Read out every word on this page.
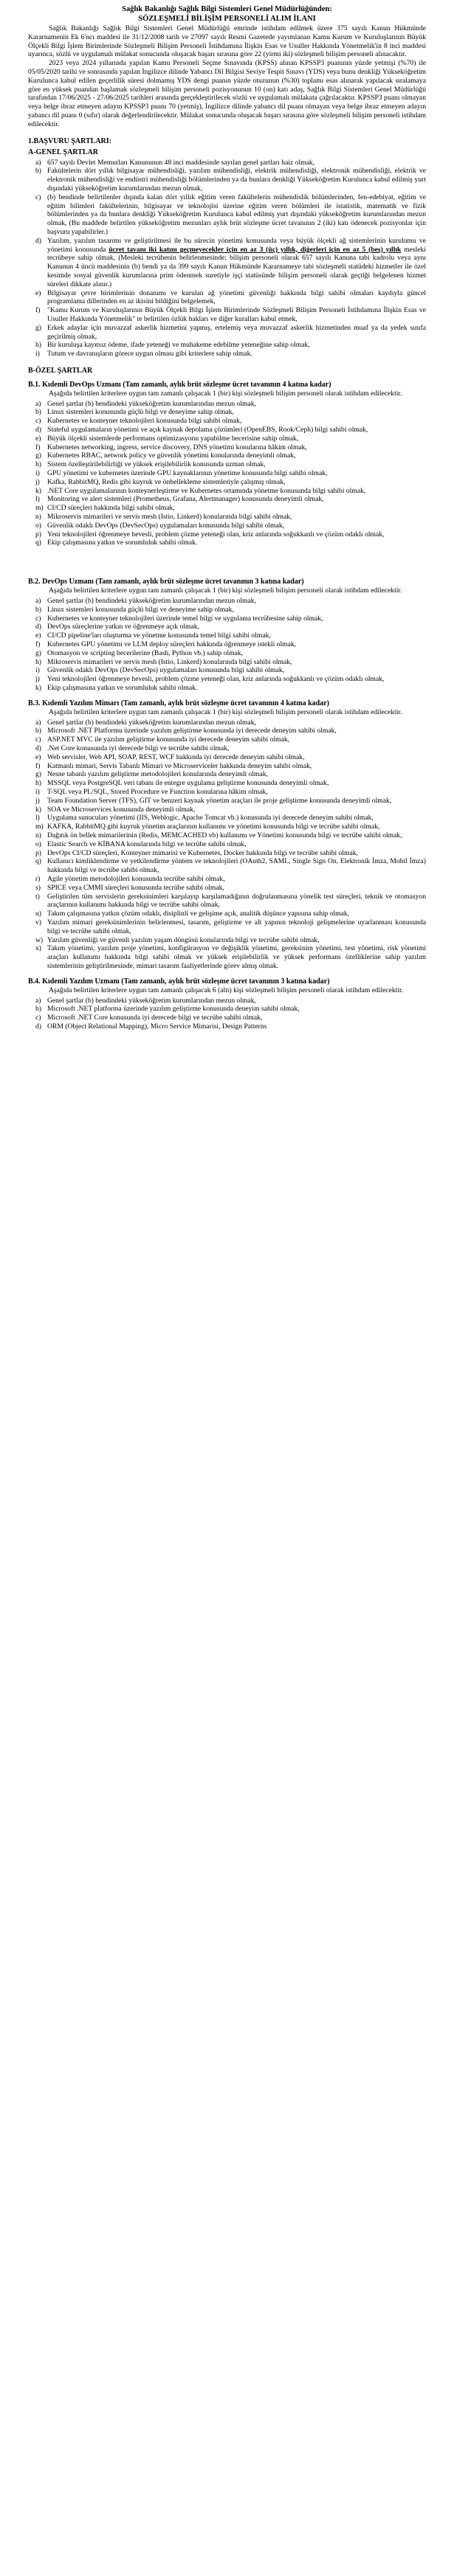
Sağlık Bakanlığı Sağlık Bilgi Sistemleri Genel Müdürlüğünden:
SÖZLEŞMELİ BİLİŞİM PERSONELİ ALIM İLANI

Sağlık Bakanlığı Sağlık Bilgi Sistemleri Genel Müdürlüğü emrinde istihdam edilmek üzere 375 sayılı Kanun Hükmünde Kararnamenin Ek 6'ncı maddesi ile 31/12/2008 tarih ve 27097 sayılı Resmi Gazetede yayımlanan Kamu Kurum ve Kuruluşlarının Büyük Ölçekli Bilgi İşlem Birimlerinde Sözleşmeli Bilişim Personeli İstihdamına İlişkin Esas ve Usuller Hakkında Yönetmelik'in 8 inci maddesi uyarınca, sözlü ve uygulamalı mülakat sonucunda oluşacak başarı sırasına göre 22 (yirmi iki) sözleşmeli bilişim personeli alınacaktır.

2023 veya 2024 yıllarında yapılan Kamu Personeli Seçme Sınavında (KPSS) alınan KPSSP3 puanının yüzde yetmişi (%70) ile 05/05/2020 tarihi ve sonrasında yapılan İngilizce dilinde Yabancı Dil Bilgisi Seviye Tespit Sınavı (YDS) veya bunu denkliği Yükseköğretim Kurulunca kabul edilen geçerlilik süresi dolmamış YDS dengi puanın yüzde otuzunun (%30) toplamı esas alınarak yapılacak sıralamaya göre en yüksek puandan başlamak sözleşmeli bilişim personeli pozisyonunun 10 (on) katı adaş, Sağlık Bilgi Sistemleri Genel Müdürlüğü tarafından 17/06/2025 - 27/06/2025 tarihleri arasında gerçekleştirilecek sözlü ve uygulamalı mülakata çağrılacaktır. KPSSP3 puanı olmayan veya belge ibraz etmeyen adayın KPSSP3 puanı 70 (yetmiş), İngilizce dilinde yabancı dil puanı olmayan veya belge ibraz etmeyen adayın yabancı dil puanı 0 (sıfır) olarak değerlendirilecektir. Mülakat sonucunda oluşacak başarı sırasına göre sözleşmeli bilişim personeli istihdam edilecektir.

1.BAŞVURU ŞARTLARI:
A-GENEL ŞARTLAR
a) 657 sayılı Devlet Memurları Kanununun 48 inci maddesinde sayılan genel şartları haiz olmak,
b) Fakültelerin dört yıllık bilgisayar mühendisliği, yazılım mühendisliği, elektrik mühendisliği, elektronik mühendisliği, elektrik ve elektronik mühendisliği ve endüstri mühendisliği bölümlerinden ya da bunlara denkliği Yükseköğretim Kurulunca kabul edilmiş yurt dışındaki yükseköğretim kurumlarından mezun olmak,
c) (b) bendinde belirtilenler dışında kalan dört yıllık eğitim veren fakültelerin mühendislik bölümlerinden, fen-edebiyat, eğitim ve eğitim bilimleri fakültelerinin, bilgisayar ve teknolojisi üzerine eğitim veren bölümleri ile istatistik, matematik ve fizik bölümlerinden ya da bunlara denkliği Yükseköğretim Kurulunca kabul edilmiş yurt dışındaki yükseköğretim kurumlarından mezun olmak, (Bu maddede belirtilen yükseköğretim mezunları aylık brüt sözleşme ücret tavanının 2 (iki) katı ödenecek pozisyonlar için başvuru yapabilirler.)
d) Yazılım, yazılım tasarımı ve geliştirilmesi ile bu sürecin yönetimi konusunda veya büyük ölçekli ağ sistemlerinin kurulumu ve yönetimi konusunda ücret tavanı iki katını geçmeyecekler için en az 3 (üç) yıllık, diğerleri için en az 5 (beş) yıllık mesleki tecrübeye sahip olmak, (Mesleki tecrübenin belirlenmesinde; bilişim personeli olarak 657 sayılı Kanuna tabi kadrolu veya aynı Kanunun 4 üncü maddesinin (b) bendi ya da 399 sayılı Kanun Hükmünde Kararnameye tabi sözleşmeli statüdeki hizmetler ile özel kesimde sosyal güvenlik kurumlarına prim ödenmek suretiyle işçi statüsünde bilişim personeli olarak geçtiği belgelenen hizmet süreleri dikkate alınır.)
e) Bilgisayar çevre birimlerinin donanımı ve kurulan ağ yönetimi güvenliği hakkında bilgi sahibi olmaları kaydıyla güncel programlama dillerinden en az ikisini bildiğini belgelemek,
f) "Kamu Kurum ve Kuruluşlarının Büyük Ölçekli Bilgi İşlem Birimlerinde Sözleşmeli Bilişim Personeli İstihdamına İlişkin Esas ve Usuller Hakkında Yönetmelik" te belirtilen özlük hakları ve diğer kuralları kabul etmek,
g) Erkek adaylar için muvazzaf askerlik hizmetini yapmış, ertelemiş veya muvazzaf askerlik hizmetinden muaf ya da yedek sınıfa geçirilmiş olmak,
h) Bir kuruluşa kayıtsız ödeme, ifade yeteneği ve muhakeme edebilme yeteneğine sahip olmak,
i) Tutum ve davranışların görece uygun olması gibi kriterlere sahip olmak.
B-ÖZEL ŞARTLAR
B.1. Kıdemli DevOps Uzmanı (Tam zamanlı, aylık brüt sözleşme ücret tavanının 4 katına kadar)

Aşağıda belirtilen kriterlere uygun tam zamanlı çalışacak 1 (bir) kişi sözleşmeli bilişim personeli olarak istihdam edilecektir.

a) Genel şartlar (b) bendindeki yükseköğretim kurumlarından mezun olmak,
b) Linux sistemleri konusunda güçlü bilgi ve deneyime sahip olmak,
c) Kubernetes ve konteyner teknolojileri konusunda bilgi sahibi olmak,
d) Stateful uygulamaların yönetimi ve açık kaynak depolama çözümleri (OpenEBS, Rook/Ceph) bilgi sahibi olmak,
e) Büyük ölçekli sistemlerde performans optimizasyonu yapabilme becerisine sahip olmak,
f) Kubernetes networking, ingress, service discovery, DNS yönetimi konularına hâkim olmak,
g) Kubernetes RBAC, network policy ve güvenlik yönetimi konularında deneyimli olmak,
h) Sistem özelleştirilebilirliği ve yüksek erişilebilirlik konusunda uzman olmak,
i) GPU yönetimi ve kubernetes üzerinde GPU kaynaklarının yönetime konusunda bilgi sahibi olmak,
j) Kafka, RabbitMQ, Redis gibi kuyruk ve önbellekleme sistemleriyle çalışmış olmak,
k) .NET Core uygulamalarının konteynerleştirme ve Kubernetes ortamında yönetme konusunda bilgi sahibi olmak,
l) Monitoring ve alert sistemleri (Prometheus, Grafana, Alertmanager) konusunda deneyimli olmak,
m) CI/CD süreçleri hakkında bilgi sahibi olmak,
n) Mikroservis mimarileri ve servis mesh (Istio, Linkerd) konularında bilgi sahibi olmak,
o) Güvenlik odaklı DevOps (DevSecOps) uygulamaları konusunda bilgi sahibi olmak,
p) Yeni teknolojileri öğrenmeye hevesli, problem çözme yeteneği olan, kriz anlarında soğukkanlı ve çözüm odaklı olmak,
q) Ekip çalışmasına yatkın ve sorumluluk sahibi olmak.
B.2. DevOps Uzmanı (Tam zamanlı, aylık brüt sözleşme ücret tavanının 3 katına kadar)

Aşağıda belirtilen kriterlere uygun tam zamanlı çalışacak 1 (bir) kişi sözleşmeli bilişim personeli olarak istihdam edilecektir.

a) Genel şartlar (b) bendindeki yükseköğretim kurumlarından mezun olmak,
b) Linux sistemleri konusunda güçlü bilgi ve deneyime sahip olmak,
c) Kubernetes ve konteyner teknolojileri üzerinde temel bilgi ve uygulama tecrübesine sahip olmak,
d) DevOps süreçlerine yatkın ve öğrenmeye açık olmak,
e) CI/CD pipeline'ları oluşturma ve yönetme konusunda temel bilgi sahibi olmak,
f) Kubernetes GPU yönetimi ve LLM deploy süreçleri hakkında öğrenmeye istekli olmak,
g) Otomasyon ve scripting becerilerine (Bash, Python vb.) sahip olmak,
h) Mikroservis mimarileri ve servis mesh (Istio, Linkerd) konularında bilgi sahibi olmak,
i) Güvenlik odaklı DevOps (DevSecOps) uygulamaları konusunda bilgi sahibi olmak,
j) Yeni teknolojileri öğrenmeye hevesli, problem çözme yeteneği olan, kriz anlarında soğukkanlı ve çözüm odaklı olmak,
k) Ekip çalışmasına yatkın ve sorumluluk sahibi olmak.
B.3. Kıdemli Yazılım Mimarı (Tam zamanlı, aylık brüt sözleşme ücret tavanının 4 katına kadar)

Aşağıda belirtilen kriterlere uygun tam zamanlı çalışacak 1 (bir) kişi sözleşmeli bilişim personeli olarak istihdam edilecektir.

a) Genel şartlar (b) bendindeki yükseköğretim kurumlarından mezun olmak,
b) Microsoft .NET Platformu üzerinde yazılım geliştirme konusunda iyi derecede deneyim sahibi olmak,
c) ASP.NET MVC ile yazılım geliştirme konusunda iyi derecede deneyim sahibi olmak,
d) .Net Core konusunda iyi derecede bilgi ve tecrübe sahibi olmak,
e) Web servisler, Web API, SOAP, REST, WCF hakkında iyi derecede deneyim sahibi olmak,
f) Katmanlı mimari, Servis Tabanlı Mimari ve Microserviceler hakkında deneyim sahibi olmak,
g) Nesne tabanlı yazılım geliştirme metodolojileri konularında deneyimli olmak,
h) MSSQL veya PostgreSQL veri tabanı ile entegre uygulama geliştirme konusunda deneyimli olmak,
i) T-SQL veya PL/SQL, Stored Procedure ve Function konularına hâkim olmak,
j) Team Foundation Server (TFS), GIT ve benzeri kaynak yönetim araçları ile proje geliştirme konusunda deneyimli olmak,
k) SOA ve Microservices konusunda deneyimli olmak,
l) Uygulama sunucuları yönetimi (IIS, Weblogic, Apache Tomcat vb.) konusunda iyi derecede deneyim sahibi olmak,
m) KAFKA, RabbitMQ gibi kuyruk yönetim araçlarının kullanımı ve yönetimi konusunda bilgi ve tecrübe sahibi olmak,
n) Dağıtık ön bellek mimarilerinin (Redis, MEMCACHED vb) kullanımı ve Yönetimi konusunda bilgi ve tecrübe sahibi olmak,
o) Elastic Search ve KİBANA konularında bilgi ve tecrübe sahibi olmak,
p) DevOps CI/CD süreçleri, Konteyner mimarisi ve Kubernetes, Docker hakkında bilgi ve tecrübe sahibi olmak,
q) Kullanıcı kimliklendirme ve yetkilendirme yöntem ve teknolojileri (OAuth2, SAML, Single Sign On, Elektronik İmza, Mobil İmza) hakkında bilgi ve tecrübe sahibi olmak,
r) Agile yönetim metodolojileri konusunda tecrübe sahibi olmak,
s) SPICE veya CMMI süreçleri konusunda tecrübe sahibi olmak,
t) Geliştirilen tüm servislerin gereksinimleri karşılayıp karşılamadığının doğrulanmasına yönelik test süreçleri, teknik ve otomasyon araçlarının kullanımı hakkında bilgi ve tecrübe sahibi olmak,
u) Takım çalışmasına yatkın çözüm odaklı, disiplinli ve gelişime açık, analitik düşünce yapısına sahip olmak,
v) Yazılım mimari gereksinimlerinin belirlenmesi, tasarım, geliştirme ve alt yapının teknoloji gelişmelerine uyarlanması konusunda bilgi ve tecrübe sahibi olmak,
w) Yazılım güvenliği ve güvenli yazılım yaşam döngüsü konularında bilgi ve tecrübe sahibi olmak,
x) Takım yönetimi, yazılım proje yönetimi, konfigürasyon ve değişiklik yönetimi, gereksinim yönetimi, test yönetimi, risk yönetimi araçları kullanımı hakkında bilgi sahibi olmak ve yüksek erişilebilirlik ve yüksek performans özelliklerine sahip yazılım sistemlerinin geliştirilmesinde, mimari tasarım faaliyetlerinde görev almış olmak.
B.4. Kıdemli Yazılım Uzmanı (Tam zamanlı, aylık brüt sözleşme ücret tavanının 3 katına kadar)

Aşağıda belirtilen kriterlere uygun tam zamanlı çalışacak 6 (altı) kişi sözleşmeli bilişim personeli olarak istihdam edilecektir.

a) Genel şartlar (b) bendindeki yükseköğretim kurumlarından mezun olmak,
b) Microsoft .NET platforma üzerinde yazılım geliştirme konusunda deneyim sahibi olmak,
c) Microsoft .NET Core konusunda iyi derecede bilgi ve tecrübe sahibi olmak,
d) ORM (Object Relational Mapping), Micro Service Mimarisi, Design Patterns
